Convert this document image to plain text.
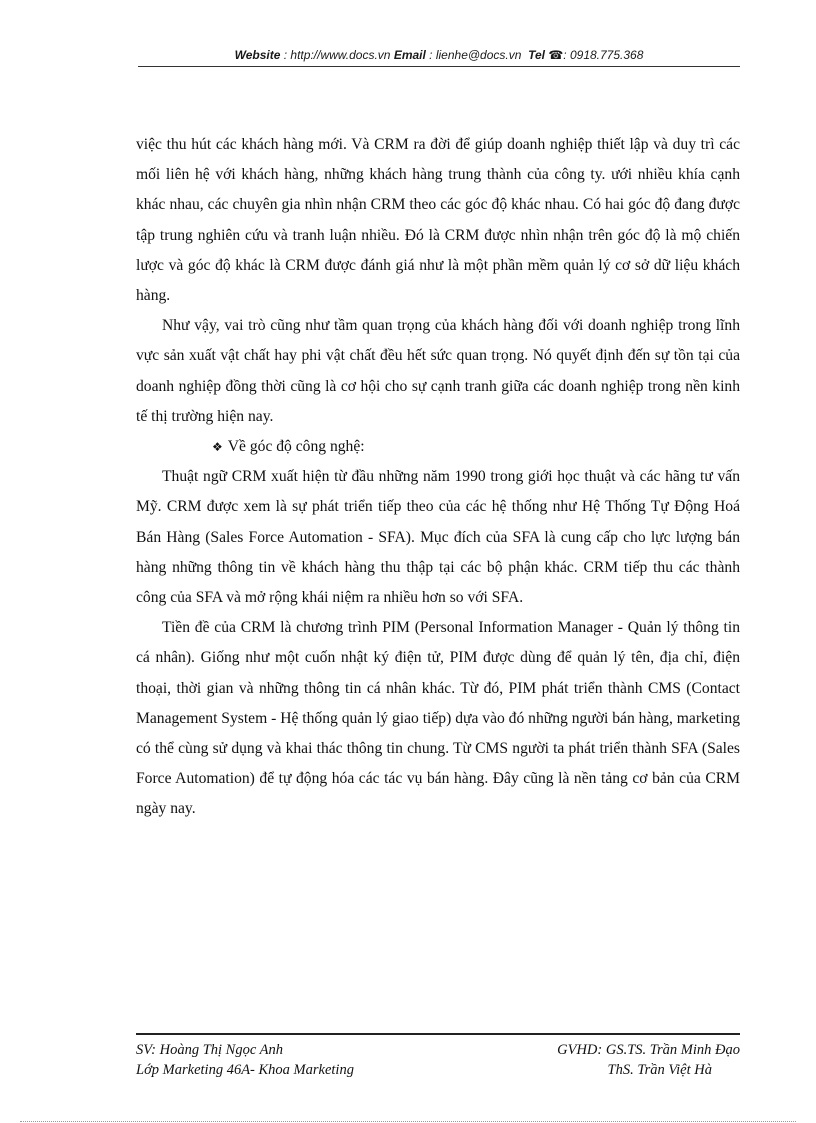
Website : http://www.docs.vn Email : lienhe@docs.vn Tel ☎: 0918.775.368

việc thu hút các khách hàng mới. Và CRM ra đời để giúp doanh nghiệp thiết lập và duy trì các mối liên hệ với khách hàng, những khách hàng trung thành của công ty. ưới nhiều khía cạnh khác nhau, các chuyên gia nhìn nhận CRM theo các góc độ khác nhau. Có hai góc độ đang được tập trung nghiên cứu và tranh luận nhiều. Đó là CRM được nhìn nhận trên góc độ là mộ chiến lược và góc độ khác là CRM được đánh giá như là một phần mềm quản lý cơ sở dữ liệu khách hàng.

Như vậy, vai trò cũng như tầm quan trọng của khách hàng đối với doanh nghiệp trong lĩnh vực sản xuất vật chất hay phi vật chất đều hết sức quan trọng. Nó quyết định đến sự tồn tại của doanh nghiệp đồng thời cũng là cơ hội cho sự cạnh tranh giữa các doanh nghiệp trong nền kinh tế thị trường hiện nay.

❖ Về góc độ công nghệ:

Thuật ngữ CRM xuất hiện từ đầu những năm 1990 trong giới học thuật và các hãng tư vấn Mỹ. CRM được xem là sự phát triển tiếp theo của các hệ thống như Hệ Thống Tự Động Hoá Bán Hàng (Sales Force Automation - SFA). Mục đích của SFA là cung cấp cho lực lượng bán hàng những thông tin về khách hàng thu thập tại các bộ phận khác. CRM tiếp thu các thành công của SFA và mở rộng khái niệm ra nhiều hơn so với SFA.

Tiền đề của CRM là chương trình PIM (Personal Information Manager - Quản lý thông tin cá nhân). Giống như một cuốn nhật ký điện tử, PIM được dùng để quản lý tên, địa chỉ, điện thoại, thời gian và những thông tin cá nhân khác. Từ đó, PIM phát triển thành CMS (Contact Management System - Hệ thống quản lý giao tiếp) dựa vào đó những người bán hàng, marketing có thể cùng sử dụng và khai thác thông tin chung. Từ CMS người ta phát triển thành SFA (Sales Force Automation) để tự động hóa các tác vụ bán hàng. Đây cũng là nền tảng cơ bản của CRM ngày nay.

SV: Hoàng Thị Ngọc Anh	GVHD: GS.TS. Trần Minh Đạo
Lớp Marketing 46A- Khoa Marketing	ThS. Trần Việt Hà
